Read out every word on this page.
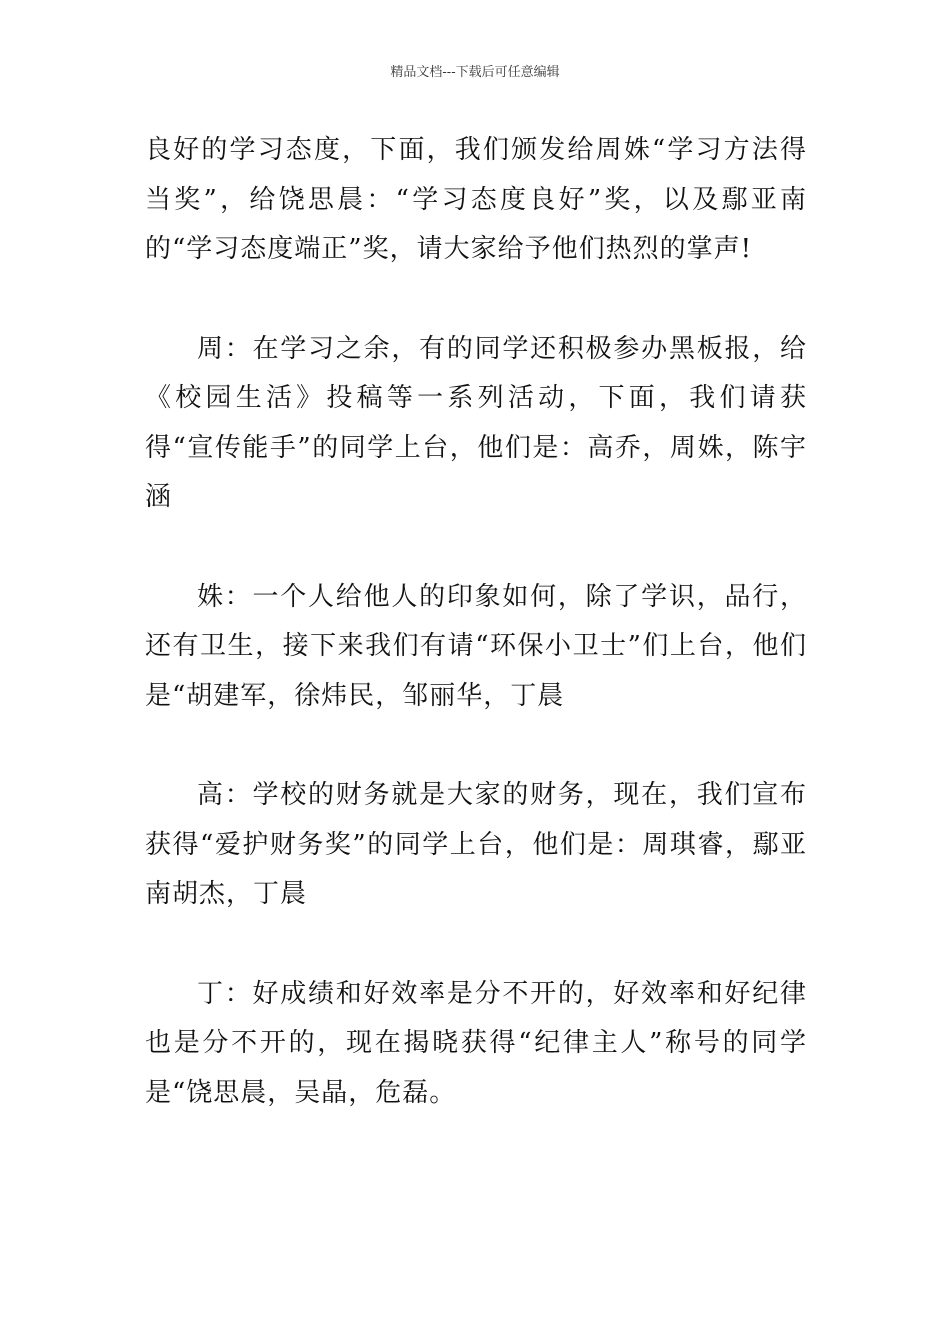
精品文档---下载后可任意编辑

良好的学习态度，下面，我们颁发给周姝“学习方法得当奖”，给饶思晨：“学习态度良好”奖，以及鄢亚南的“学习态度端正”奖，请大家给予他们热烈的掌声!

周：在学习之余，有的同学还积极参办黑板报，给《校园生活》投稿等一系列活动，下面，我们请获得“宣传能手”的同学上台，他们是：高乔，周姝，陈宇涵

姝：一个人给他人的印象如何，除了学识，品行，还有卫生，接下来我们有请“环保小卫士”们上台，他们是“胡建军，徐炜民，邹丽华，丁晨

高：学校的财务就是大家的财务，现在，我们宣布获得“爱护财务奖”的同学上台，他们是：周琪睿，鄢亚南胡杰，丁晨

丁：好成绩和好效率是分不开的，好效率和好纪律也是分不开的，现在揭晓获得“纪律主人”称号的同学是“饶思晨，吴晶，危磊。
